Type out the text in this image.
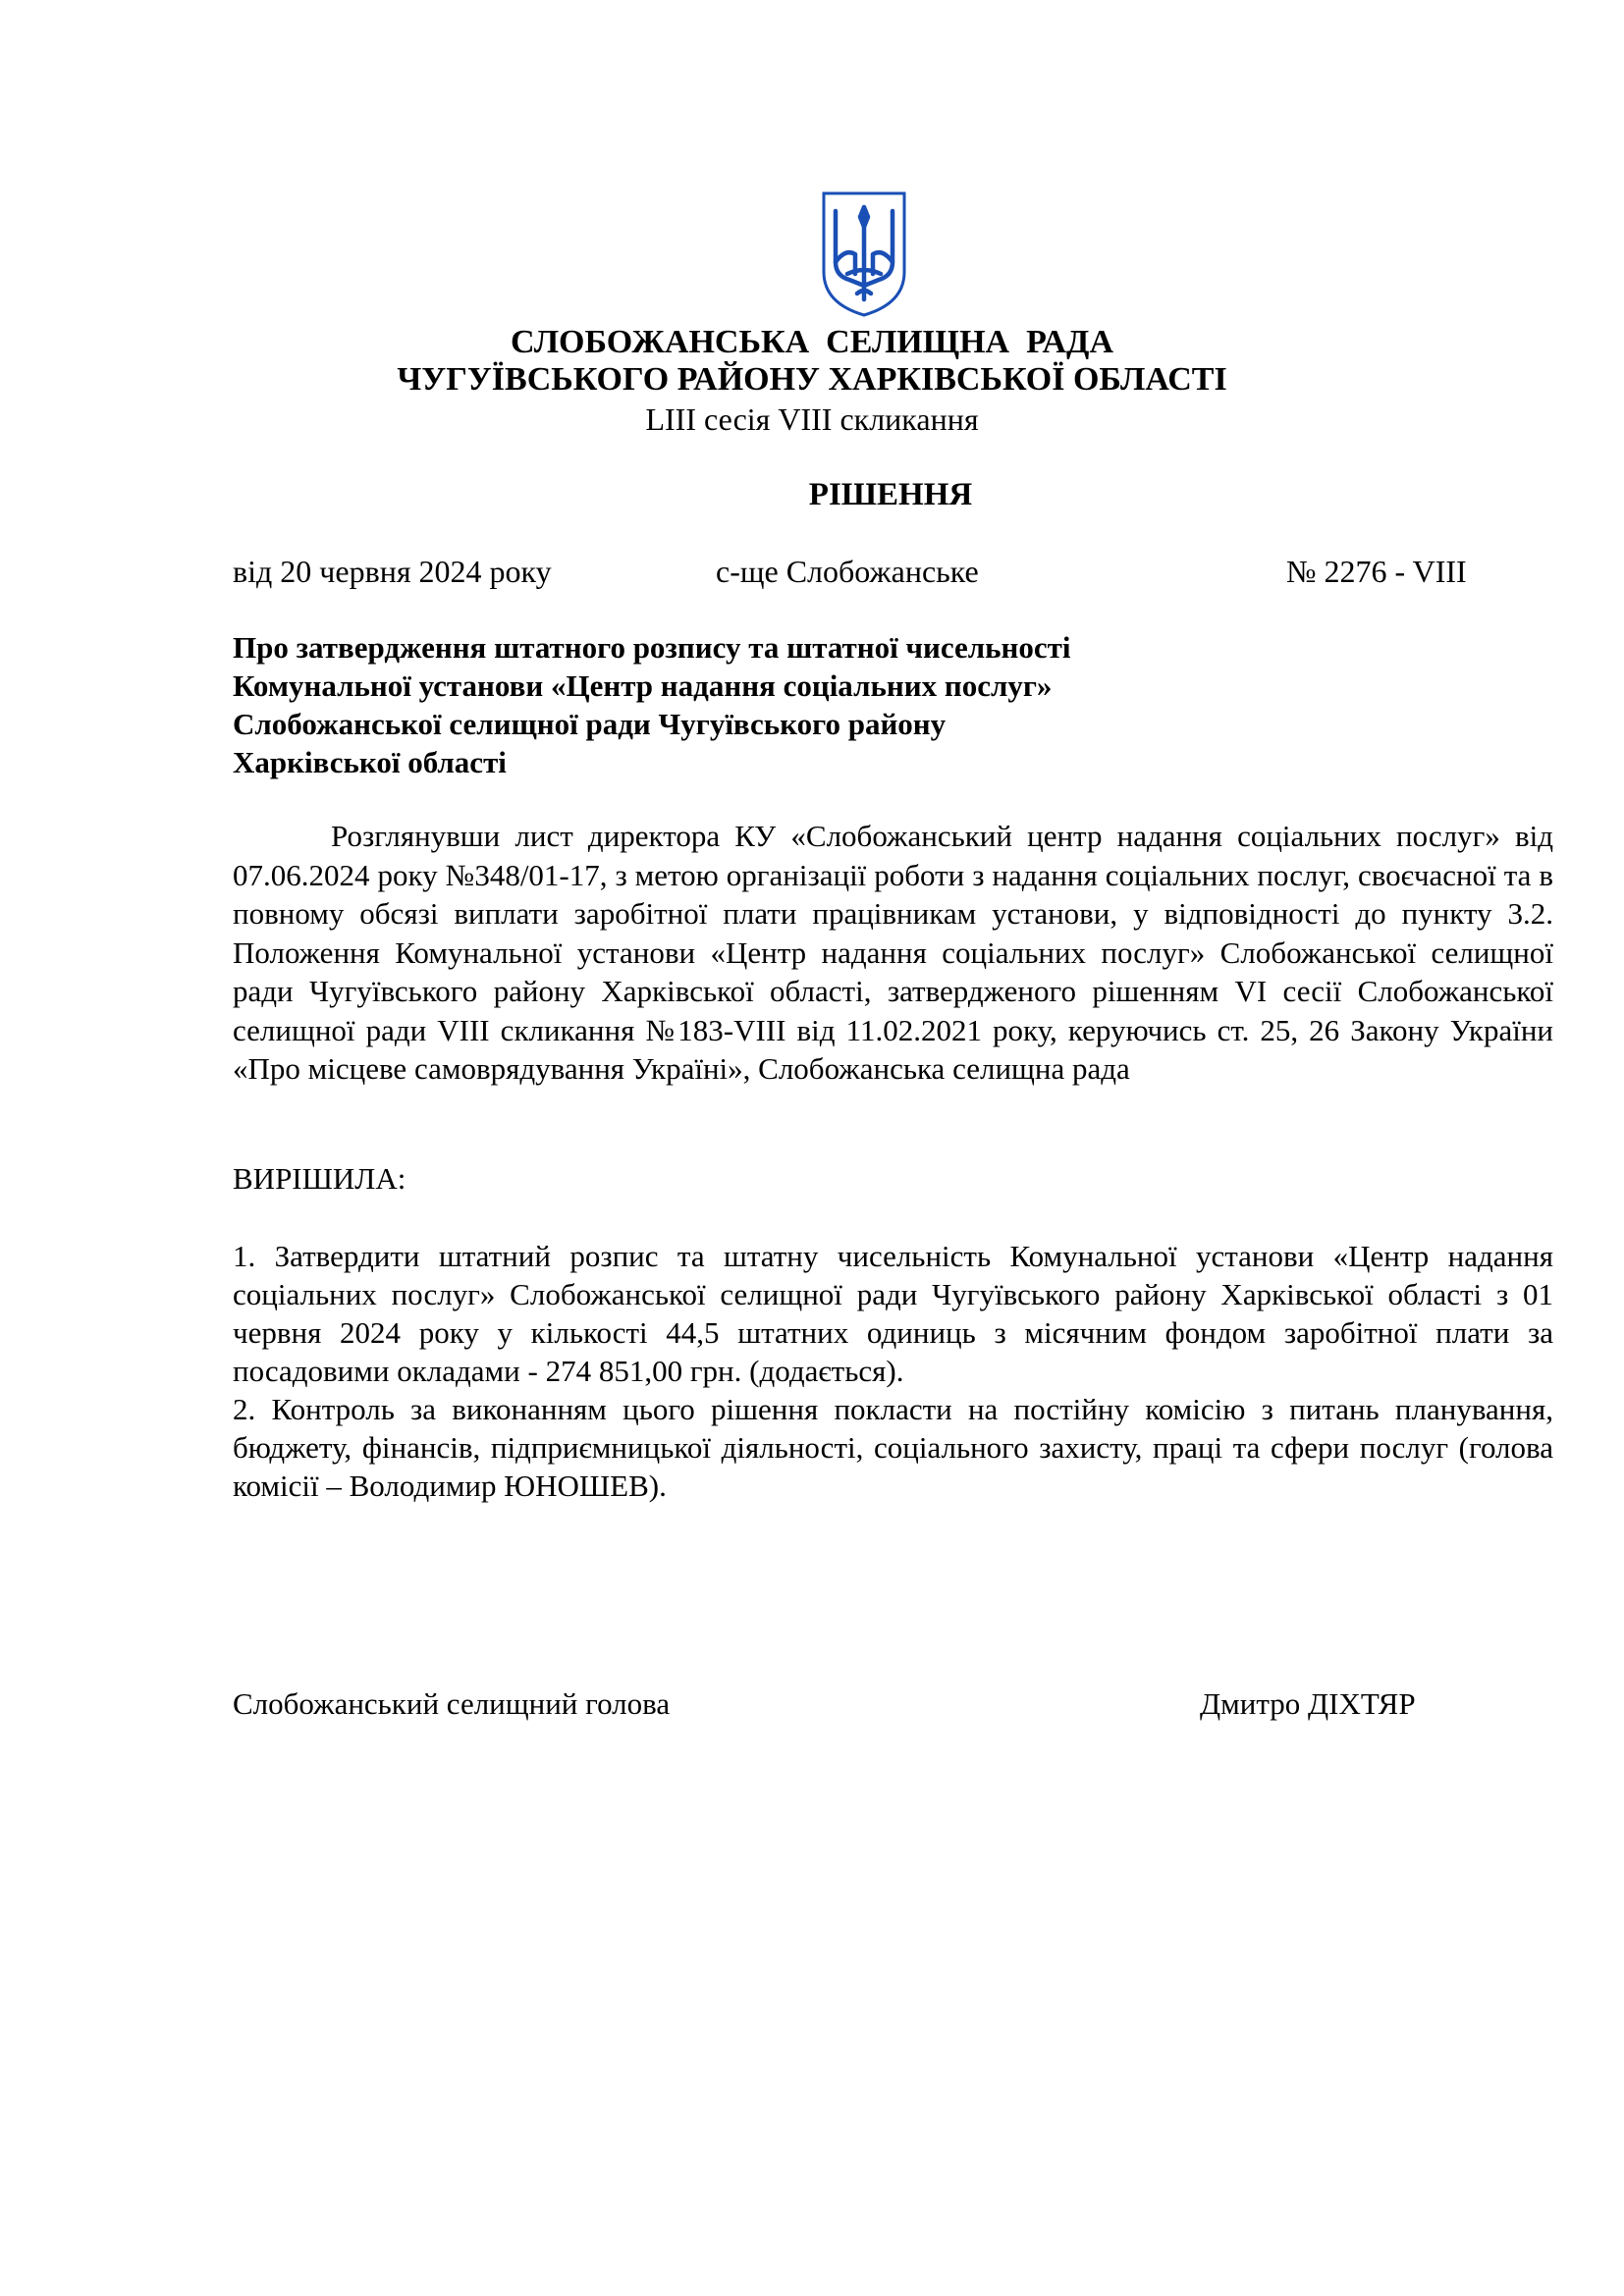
СЛОБОЖАНСЬКА  СЕЛИЩНА  РАДА
ЧУГУЇВСЬКОГО РАЙОНУ ХАРКІВСЬКОЇ ОБЛАСТІ
LIII сесія VIII скликання
РІШЕННЯ
від 20 червня 2024 року	с-ще Слобожанське	№ 2276 - VIII
Про затвердження штатного розпису та штатної чисельності
Комунальної установи «Центр надання соціальних послуг»
Слобожанської селищної ради Чугуївського району
Харківської області

Розглянувши лист директора КУ «Слобожанський центр надання соціальних послуг» від 07.06.2024 року №348/01-17, з метою організації роботи з надання соціальних послуг, своєчасної та в повному обсязі виплати заробітної плати працівникам установи, у відповідності до пункту 3.2. Положення Комунальної установи «Центр надання соціальних послуг» Слобожанської селищної ради Чугуївського району Харківської області, затвердженого рішенням VI сесії Слобожанської селищної ради VIII скликання №183-VIII від 11.02.2021 року, керуючись ст. 25, 26 Закону України «Про місцеве самоврядування Україні», Слобожанська селищна рада

ВИРІШИЛА:

1. Затвердити штатний розпис та штатну чисельність Комунальної установи «Центр надання соціальних послуг» Слобожанської селищної ради Чугуївського району Харківської області з 01 червня 2024 року у кількості 44,5 штатних одиниць з місячним фондом заробітної плати за посадовими окладами - 274 851,00 грн. (додається).

2. Контроль за виконанням цього рішення покласти на постійну комісію з питань планування, бюджету, фінансів, підприємницької діяльності, соціального захисту, праці та сфери послуг (голова комісії – Володимир ЮНОШЕВ).

Слобожанський селищний голова	Дмитро ДІХТЯР
